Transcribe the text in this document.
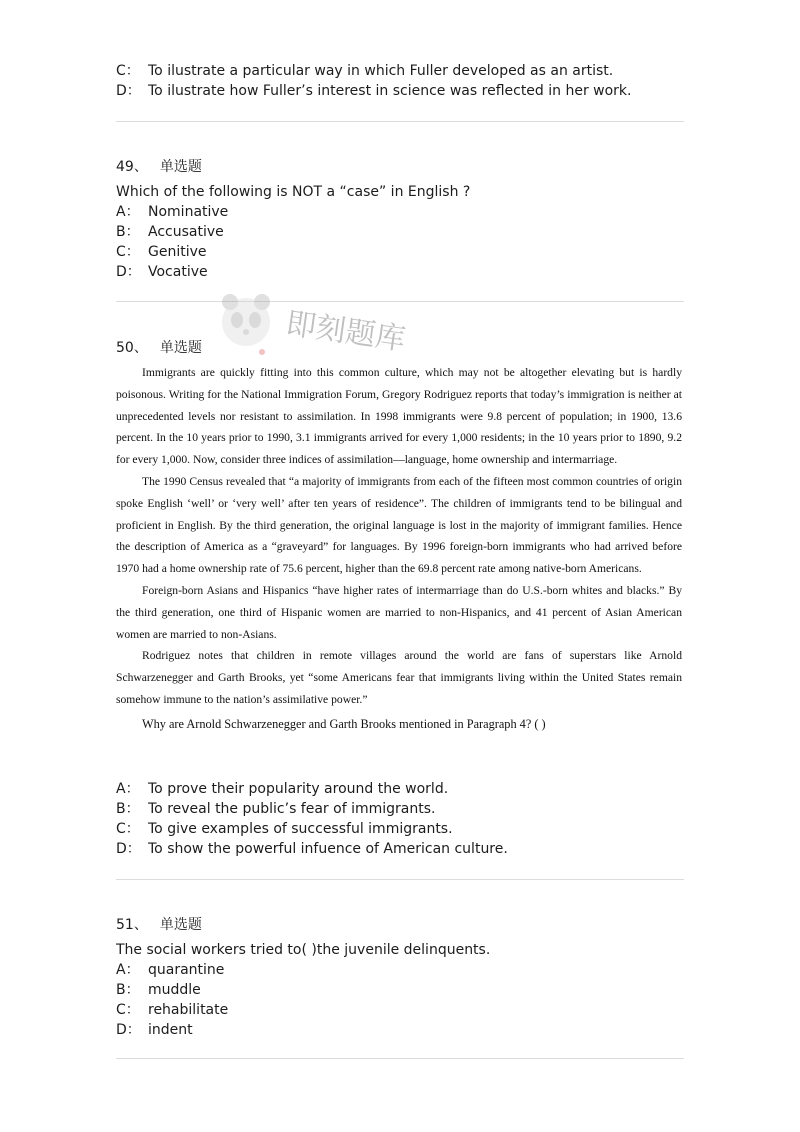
C： To ilustrate a particular way in which Fuller developed as an artist.
D： To ilustrate how Fuller’s interest in science was reflected in her work.
49、 单选题
Which of the following is NOT a “case” in English ?
A： Nominative
B： Accusative
C： Genitive
D： Vocative
即刻题库
50、 单选题

Immigrants are quickly fitting into this common culture, which may not be altogether elevating but is hardly poisonous. Writing for the National Immigration Forum, Gregory Rodriguez reports that today’s immigration is neither at unprecedented levels nor resistant to assimilation. In 1998 immigrants were 9.8 percent of population; in 1900, 13.6 percent. In the 10 years prior to 1990, 3.1 immigrants arrived for every 1,000 residents; in the 10 years prior to 1890, 9.2 for every 1,000. Now, consider three indices of assimilation—language, home ownership and intermarriage.

The 1990 Census revealed that “a majority of immigrants from each of the fifteen most common countries of origin spoke English ‘well’ or ‘very well’ after ten years of residence”. The children of immigrants tend to be bilingual and proficient in English. By the third generation, the original language is lost in the majority of immigrant families. Hence the description of America as a “graveyard” for languages. By 1996 foreign-born immigrants who had arrived before 1970 had a home ownership rate of 75.6 percent, higher than the 69.8 percent rate among native-born Americans.

Foreign-born Asians and Hispanics “have higher rates of intermarriage than do U.S.-born whites and blacks.” By the third generation, one third of Hispanic women are married to non-Hispanics, and 41 percent of Asian American women are married to non-Asians.

Rodriguez notes that children in remote villages around the world are fans of superstars like Arnold Schwarzenegger and Garth Brooks, yet “some Americans fear that immigrants living within the United States remain somehow immune to the nation’s assimilative power.”

Why are Arnold Schwarzenegger and Garth Brooks mentioned in Paragraph 4? ( )

A： To prove their popularity around the world.
B： To reveal the public’s fear of immigrants.
C： To give examples of successful immigrants.
D： To show the powerful infuence of American culture.
51、 单选题
The social workers tried to( )the juvenile delinquents.
A： quarantine
B： muddle
C： rehabilitate
D： indent
